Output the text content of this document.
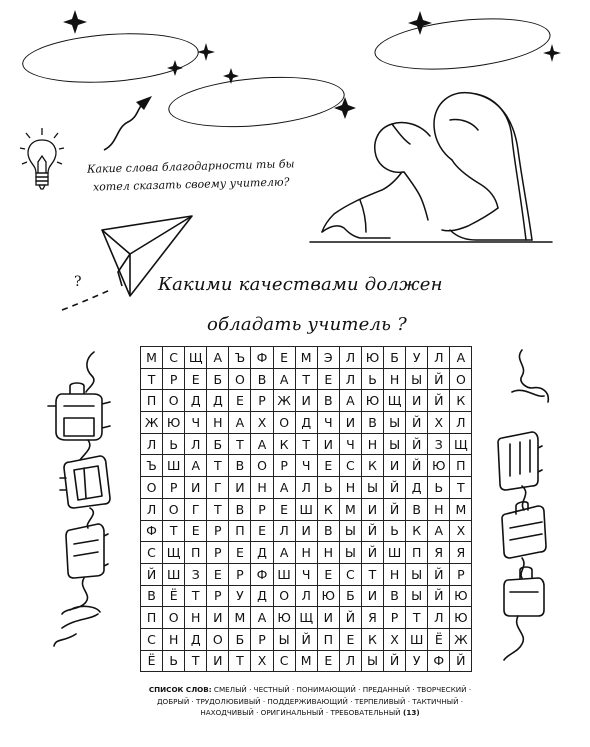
Какие слова благодарности ты бы хотел сказать своему учителю?
?	Какими качествами должен
обладать учитель ?
М	С	Щ	А	Ъ	Ф	Е	М	Э	Л	Ю	Б	У	Л	А
Т	Р	Е	Б	О	В	А	Т	Е	Л	Ь	Н	Ы	Й	О
П	О	Д	Д	Е	Р	Ж	И	В	А	Ю	Щ	И	Й	К
Ж	Ю	Ч	Н	А	Х	О	Д	Ч	И	В	Ы	Й	Х	Л
Л	Ь	Л	Б	Т	А	К	Т	И	Ч	Н	Ы	Й	З	Щ
Ъ	Ш	А	Т	В	О	Р	Ч	Е	С	К	И	Й	Ю	П
О	Р	И	Г	И	Н	А	Л	Ь	Н	Ы	Й	Д	Ь	Т
Л	О	Г	Т	В	Р	Е	Ш	К	М	И	Й	В	Н	М
Ф	Т	Е	Р	П	Е	Л	И	В	Ы	Й	Ь	К	А	Х
С	Щ	П	Р	Е	Д	А	Н	Н	Ы	Й	Ш	П	Я	Я
Й	Ш	З	Е	Р	Ф	Ш	Ч	Е	С	Т	Н	Ы	Й	Р
В	Ё	Т	Р	У	Д	О	Л	Ю	Б	И	В	Ы	Й	Ю
П	О	Н	И	М	А	Ю	Щ	И	Й	Я	Р	Т	Л	Ю
С	Н	Д	О	Б	Р	Ы	Й	П	Е	К	Х	Ш	Ё	Ж
Ё	Ь	Т	И	Т	Х	С	М	Е	Л	Ы	Й	У	Ф	Й
СПИСОК СЛОВ: СМЕЛЫЙ · ЧЕСТНЫЙ · ПОНИМАЮЩИЙ · ПРЕДАННЫЙ · ТВОРЧЕСКИЙ ·
ДОБРЫЙ · ТРУДОЛЮБИВЫЙ · ПОДДЕРЖИВАЮЩИЙ · ТЕРПЕЛИВЫЙ · ТАКТИЧНЫЙ ·
НАХОДЧИВЫЙ · ОРИГИНАЛЬНЫЙ · ТРЕБОВАТЕЛЬНЫЙ (13)
